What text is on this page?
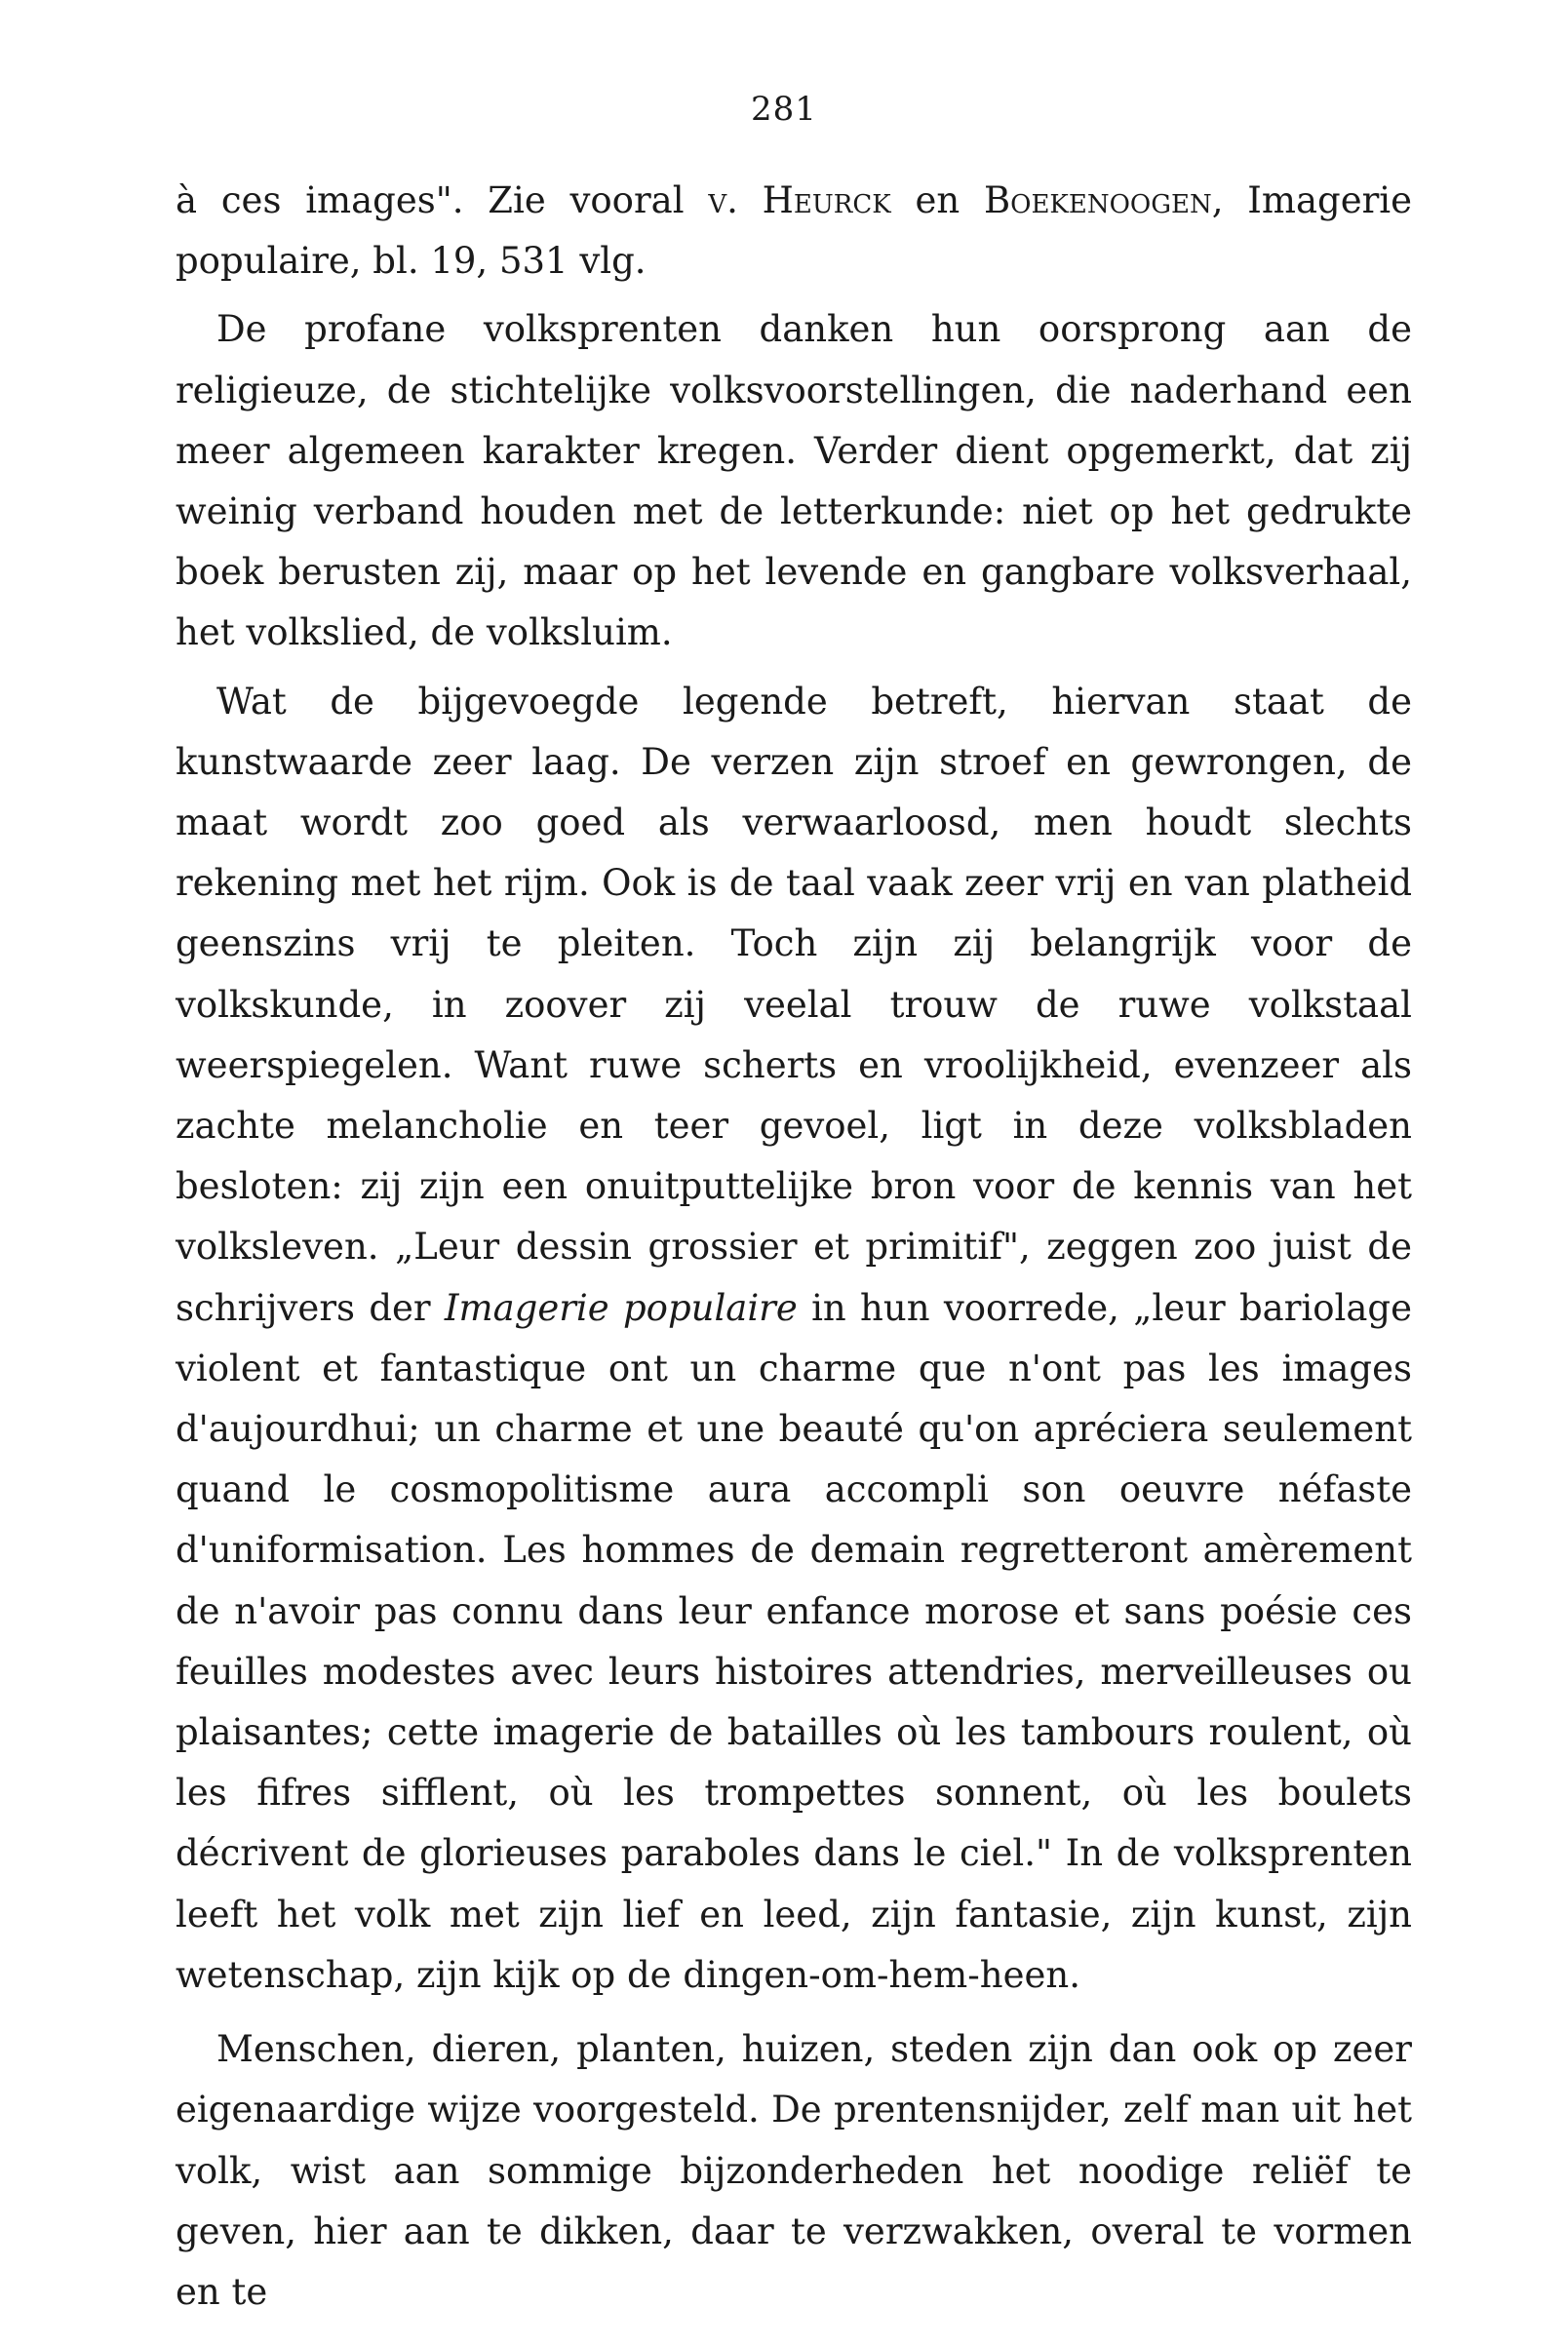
281

à ces images". Zie vooral v. Heurck en Boekenoogen, Imagerie populaire, bl. 19, 531 vlg.

De profane volksprenten danken hun oorsprong aan de religieuze, de stichtelijke volksvoorstellingen, die naderhand een meer algemeen karakter kregen. Verder dient opgemerkt, dat zij weinig verband houden met de letterkunde: niet op het gedrukte boek berusten zij, maar op het levende en gangbare volksverhaal, het volkslied, de volksluim.

Wat de bijgevoegde legende betreft, hiervan staat de kunstwaarde zeer laag. De verzen zijn stroef en gewrongen, de maat wordt zoo goed als verwaarloosd, men houdt slechts rekening met het rijm. Ook is de taal vaak zeer vrij en van platheid geenszins vrij te pleiten. Toch zijn zij belangrijk voor de volkskunde, in zoover zij veelal trouw de ruwe volkstaal weerspiegelen. Want ruwe scherts en vroolijkheid, evenzeer als zachte melancholie en teer gevoel, ligt in deze volksbladen besloten: zij zijn een onuitputtelijke bron voor de kennis van het volksleven. „Leur dessin grossier et primitif", zeggen zoo juist de schrijvers der Imagerie populaire in hun voorrede, „leur bariolage violent et fantastique ont un charme que n'ont pas les images d'aujourdhui; un charme et une beauté qu'on apréciera seulement quand le cosmopolitisme aura accompli son oeuvre néfaste d'uniformisation. Les hommes de demain regretteront amèrement de n'avoir pas connu dans leur enfance morose et sans poésie ces feuilles modestes avec leurs histoires attendries, merveilleuses ou plaisantes; cette imagerie de batailles où les tambours roulent, où les fifres sifflent, où les trompettes sonnent, où les boulets décrivent de glorieuses paraboles dans le ciel." In de volksprenten leeft het volk met zijn lief en leed, zijn fantasie, zijn kunst, zijn wetenschap, zijn kijk op de dingen-om-hem-heen.

Menschen, dieren, planten, huizen, steden zijn dan ook op zeer eigenaardige wijze voorgesteld. De prentensnijder, zelf man uit het volk, wist aan sommige bijzonderheden het noodige reliëf te geven, hier aan te dikken, daar te verzwakken, overal te vormen en te
